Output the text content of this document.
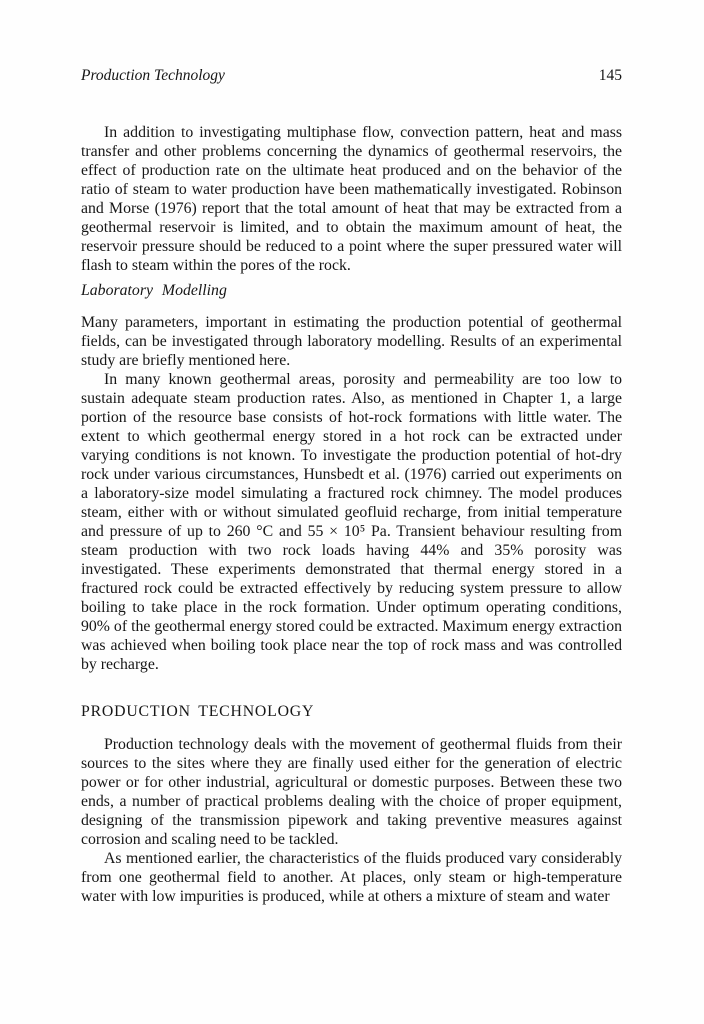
Production Technology	145

In addition to investigating multiphase flow, convection pattern, heat and mass transfer and other problems concerning the dynamics of geothermal reservoirs, the effect of production rate on the ultimate heat produced and on the behavior of the ratio of steam to water production have been mathematically investigated. Robinson and Morse (1976) report that the total amount of heat that may be extracted from a geothermal reservoir is limited, and to obtain the maximum amount of heat, the reservoir pressure should be reduced to a point where the super pressured water will flash to steam within the pores of the rock.

Laboratory Modelling

Many parameters, important in estimating the production potential of geothermal fields, can be investigated through laboratory modelling. Results of an experimental study are briefly mentioned here.

In many known geothermal areas, porosity and permeability are too low to sustain adequate steam production rates. Also, as mentioned in Chapter 1, a large portion of the resource base consists of hot-rock formations with little water. The extent to which geothermal energy stored in a hot rock can be extracted under varying conditions is not known. To investigate the production potential of hot-dry rock under various circumstances, Hunsbedt et al. (1976) carried out experiments on a laboratory-size model simulating a fractured rock chimney. The model produces steam, either with or without simulated geofluid recharge, from initial temperature and pressure of up to 260 °C and 55 × 10⁵ Pa. Transient behaviour resulting from steam production with two rock loads having 44% and 35% porosity was investigated. These experiments demonstrated that thermal energy stored in a fractured rock could be extracted effectively by reducing system pressure to allow boiling to take place in the rock formation. Under optimum operating conditions, 90% of the geothermal energy stored could be extracted. Maximum energy extraction was achieved when boiling took place near the top of rock mass and was controlled by recharge.

PRODUCTION TECHNOLOGY

Production technology deals with the movement of geothermal fluids from their sources to the sites where they are finally used either for the generation of electric power or for other industrial, agricultural or domestic purposes. Between these two ends, a number of practical problems dealing with the choice of proper equipment, designing of the transmission pipework and taking preventive measures against corrosion and scaling need to be tackled.

As mentioned earlier, the characteristics of the fluids produced vary considerably from one geothermal field to another. At places, only steam or high-temperature water with low impurities is produced, while at others a mixture of steam and water
